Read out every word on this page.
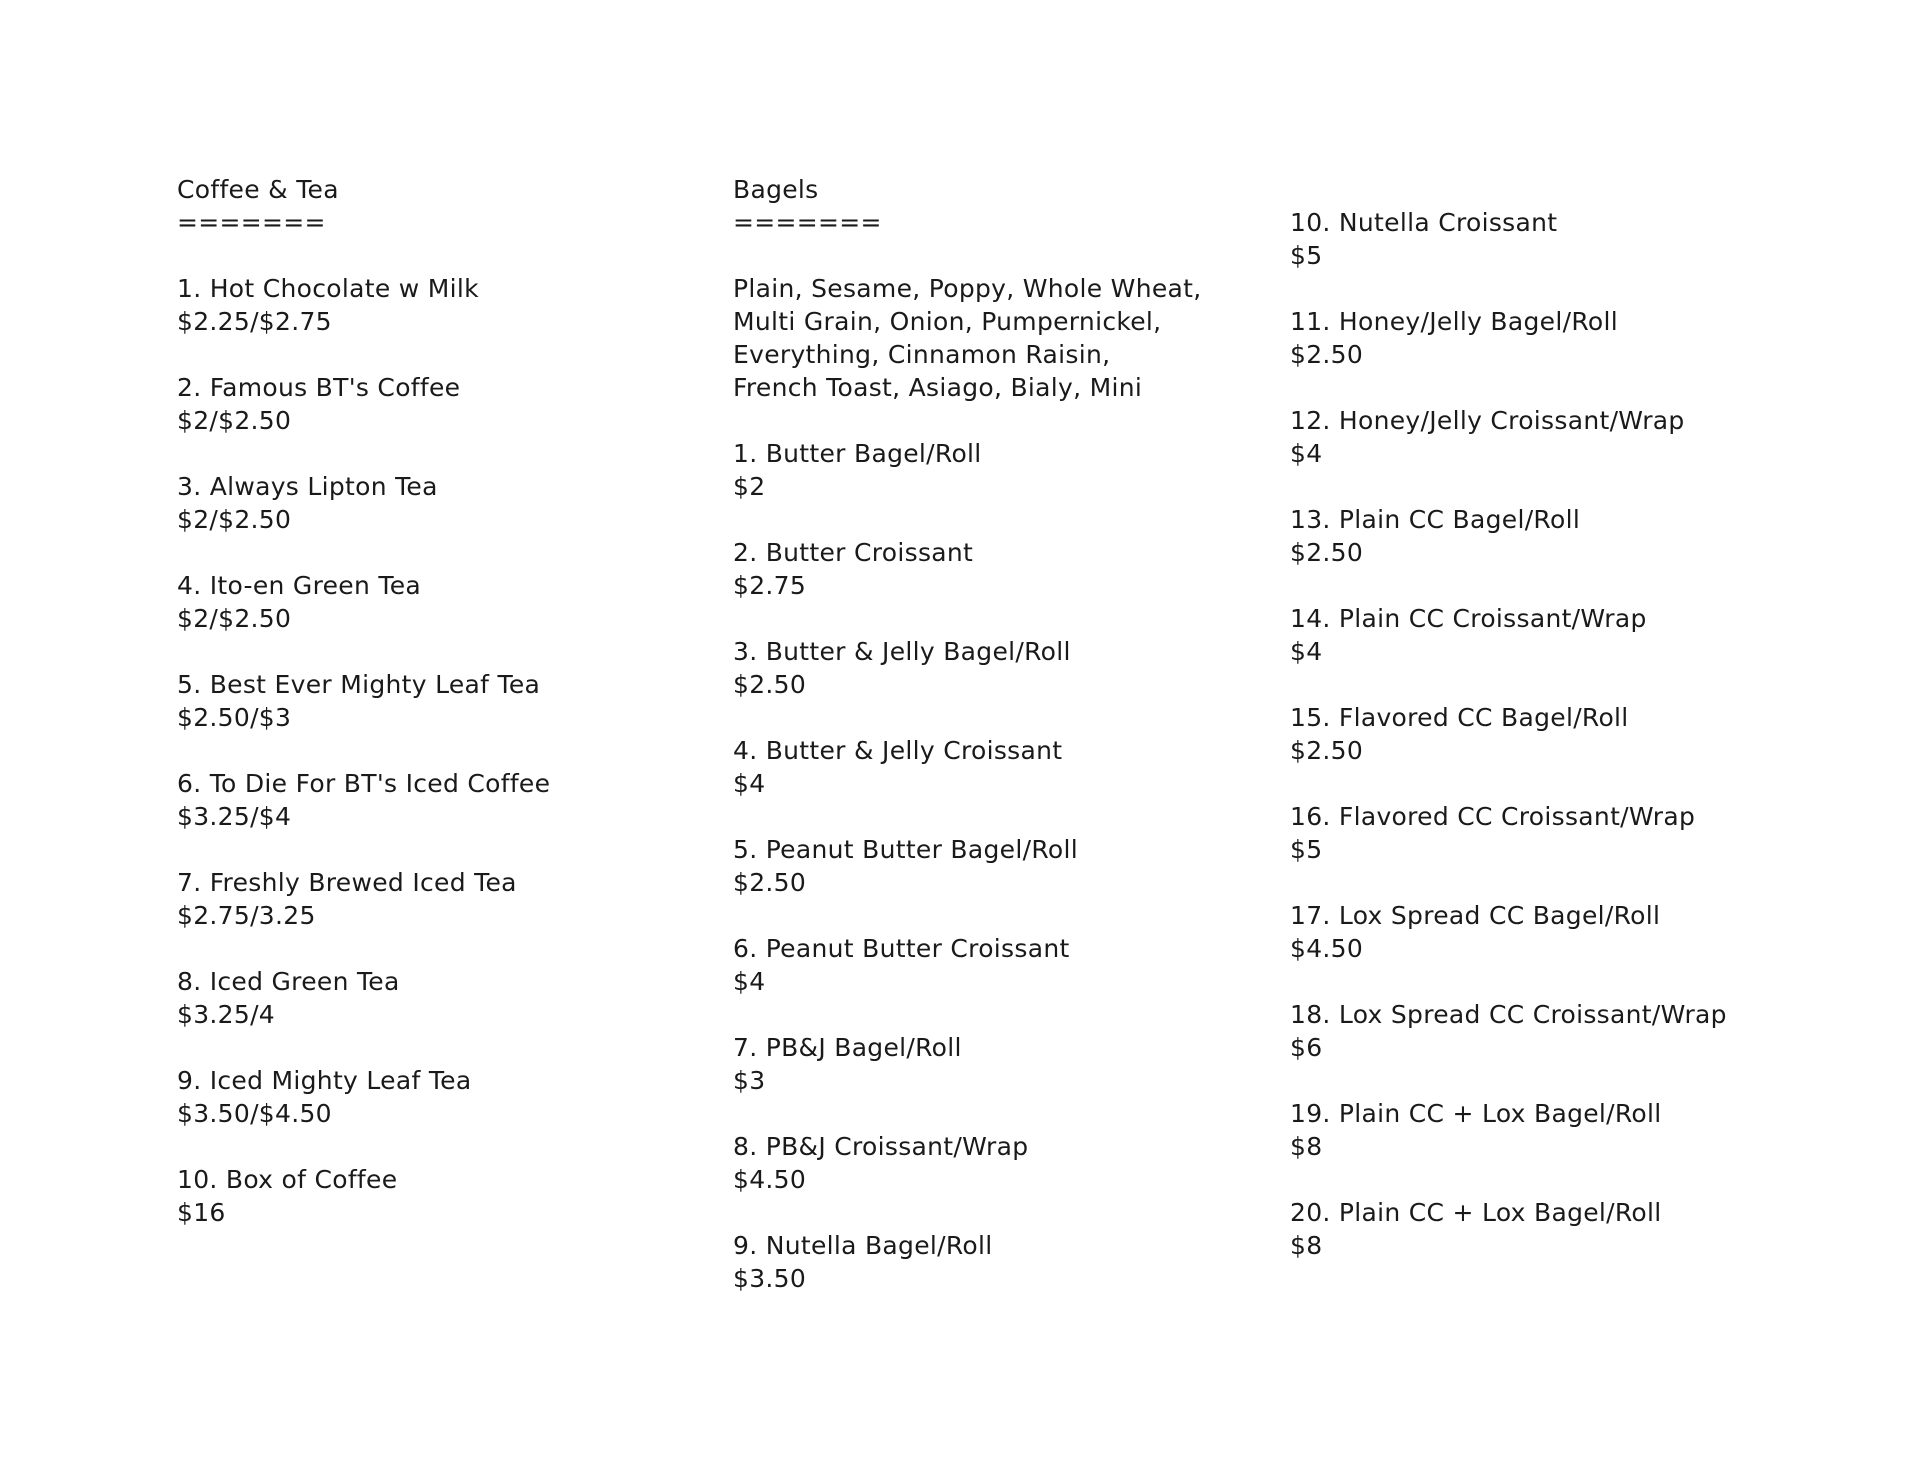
Coffee & Tea
=======
1. Hot Chocolate w Milk
$2.25/$2.75
2. Famous BT's Coffee
$2/$2.50
3. Always Lipton Tea
$2/$2.50
4. Ito-en Green Tea
$2/$2.50
5. Best Ever Mighty Leaf Tea
$2.50/$3
6. To Die For BT's Iced Coffee
$3.25/$4
7. Freshly Brewed Iced Tea
$2.75/3.25
8. Iced Green Tea
$3.25/4
9. Iced Mighty Leaf Tea
$3.50/$4.50
10. Box of Coffee
$16
Bagels
=======
Plain, Sesame, Poppy, Whole Wheat,
Multi Grain, Onion, Pumpernickel,
Everything, Cinnamon Raisin,
French Toast, Asiago, Bialy, Mini
1. Butter Bagel/Roll
$2
2. Butter Croissant
$2.75
3. Butter & Jelly Bagel/Roll
$2.50
4. Butter & Jelly Croissant
$4
5. Peanut Butter Bagel/Roll
$2.50
6. Peanut Butter Croissant
$4
7. PB&J Bagel/Roll
$3
8. PB&J Croissant/Wrap
$4.50
9. Nutella Bagel/Roll
$3.50
10. Nutella Croissant
$5
11. Honey/Jelly Bagel/Roll
$2.50
12. Honey/Jelly Croissant/Wrap
$4
13. Plain CC Bagel/Roll
$2.50
14. Plain CC Croissant/Wrap
$4
15. Flavored CC Bagel/Roll
$2.50
16. Flavored CC Croissant/Wrap
$5
17. Lox Spread CC Bagel/Roll
$4.50
18. Lox Spread CC Croissant/Wrap
$6
19. Plain CC + Lox Bagel/Roll
$8
20. Plain CC + Lox Bagel/Roll
$8
